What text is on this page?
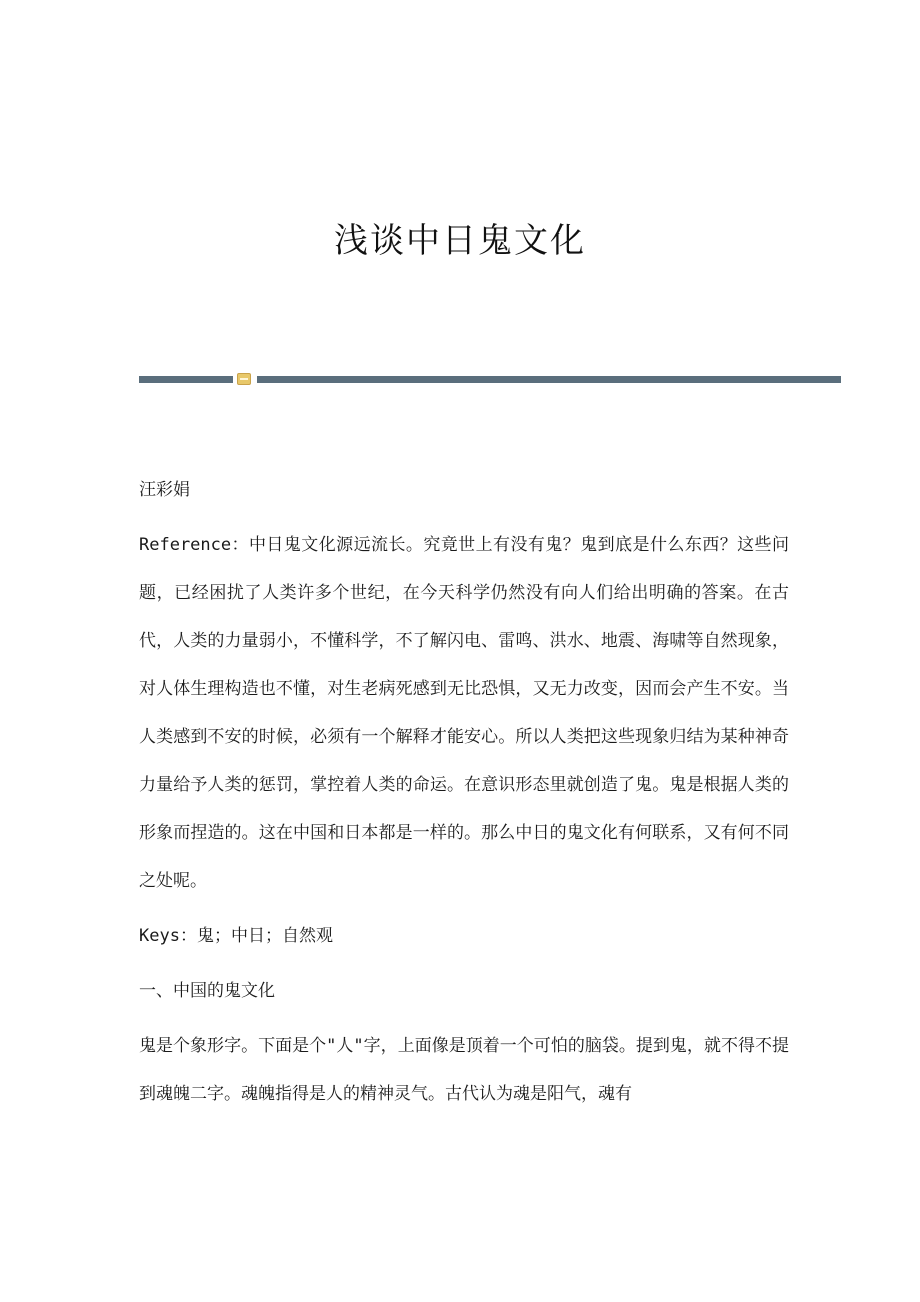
浅谈中日鬼文化

汪彩娟

Reference：中日鬼文化源远流长。究竟世上有没有鬼？鬼到底是什么东西？这些问题，已经困扰了人类许多个世纪，在今天科学仍然没有向人们给出明确的答案。在古代，人类的力量弱小，不懂科学，不了解闪电、雷鸣、洪水、地震、海啸等自然现象，对人体生理构造也不懂，对生老病死感到无比恐惧，又无力改变，因而会产生不安。当人类感到不安的时候，必须有一个解释才能安心。所以人类把这些现象归结为某种神奇力量给予人类的惩罚，掌控着人类的命运。在意识形态里就创造了鬼。鬼是根据人类的形象而捏造的。这在中国和日本都是一样的。那么中日的鬼文化有何联系，又有何不同之处呢。

Keys：鬼；中日；自然观

一、中国的鬼文化

鬼是个象形字。下面是个"人"字，上面像是顶着一个可怕的脑袋。提到鬼，就不得不提到魂魄二字。魂魄指得是人的精神灵气。古代认为魂是阳气，魂有
